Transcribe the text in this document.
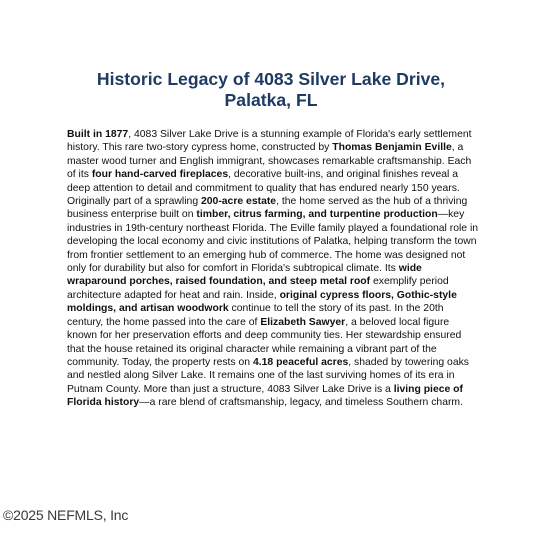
Historic Legacy of 4083 Silver Lake Drive,
Palatka, FL

Built in 1877, 4083 Silver Lake Drive is a stunning example of Florida's early settlement history. This rare two-story cypress home, constructed by Thomas Benjamin Eville, a master wood turner and English immigrant, showcases remarkable craftsmanship. Each of its four hand-carved fireplaces, decorative built-ins, and original finishes reveal a deep attention to detail and commitment to quality that has endured nearly 150 years. Originally part of a sprawling 200-acre estate, the home served as the hub of a thriving business enterprise built on timber, citrus farming, and turpentine production—key industries in 19th-century northeast Florida. The Eville family played a foundational role in developing the local economy and civic institutions of Palatka, helping transform the town from frontier settlement to an emerging hub of commerce. The home was designed not only for durability but also for comfort in Florida's subtropical climate. Its wide wraparound porches, raised foundation, and steep metal roof exemplify period architecture adapted for heat and rain. Inside, original cypress floors, Gothic-style moldings, and artisan woodwork continue to tell the story of its past. In the 20th century, the home passed into the care of Elizabeth Sawyer, a beloved local figure known for her preservation efforts and deep community ties. Her stewardship ensured that the house retained its original character while remaining a vibrant part of the community. Today, the property rests on 4.18 peaceful acres, shaded by towering oaks and nestled along Silver Lake. It remains one of the last surviving homes of its era in Putnam County. More than just a structure, 4083 Silver Lake Drive is a living piece of Florida history—a rare blend of craftsmanship, legacy, and timeless Southern charm.

©2025 NEFMLS, Inc
